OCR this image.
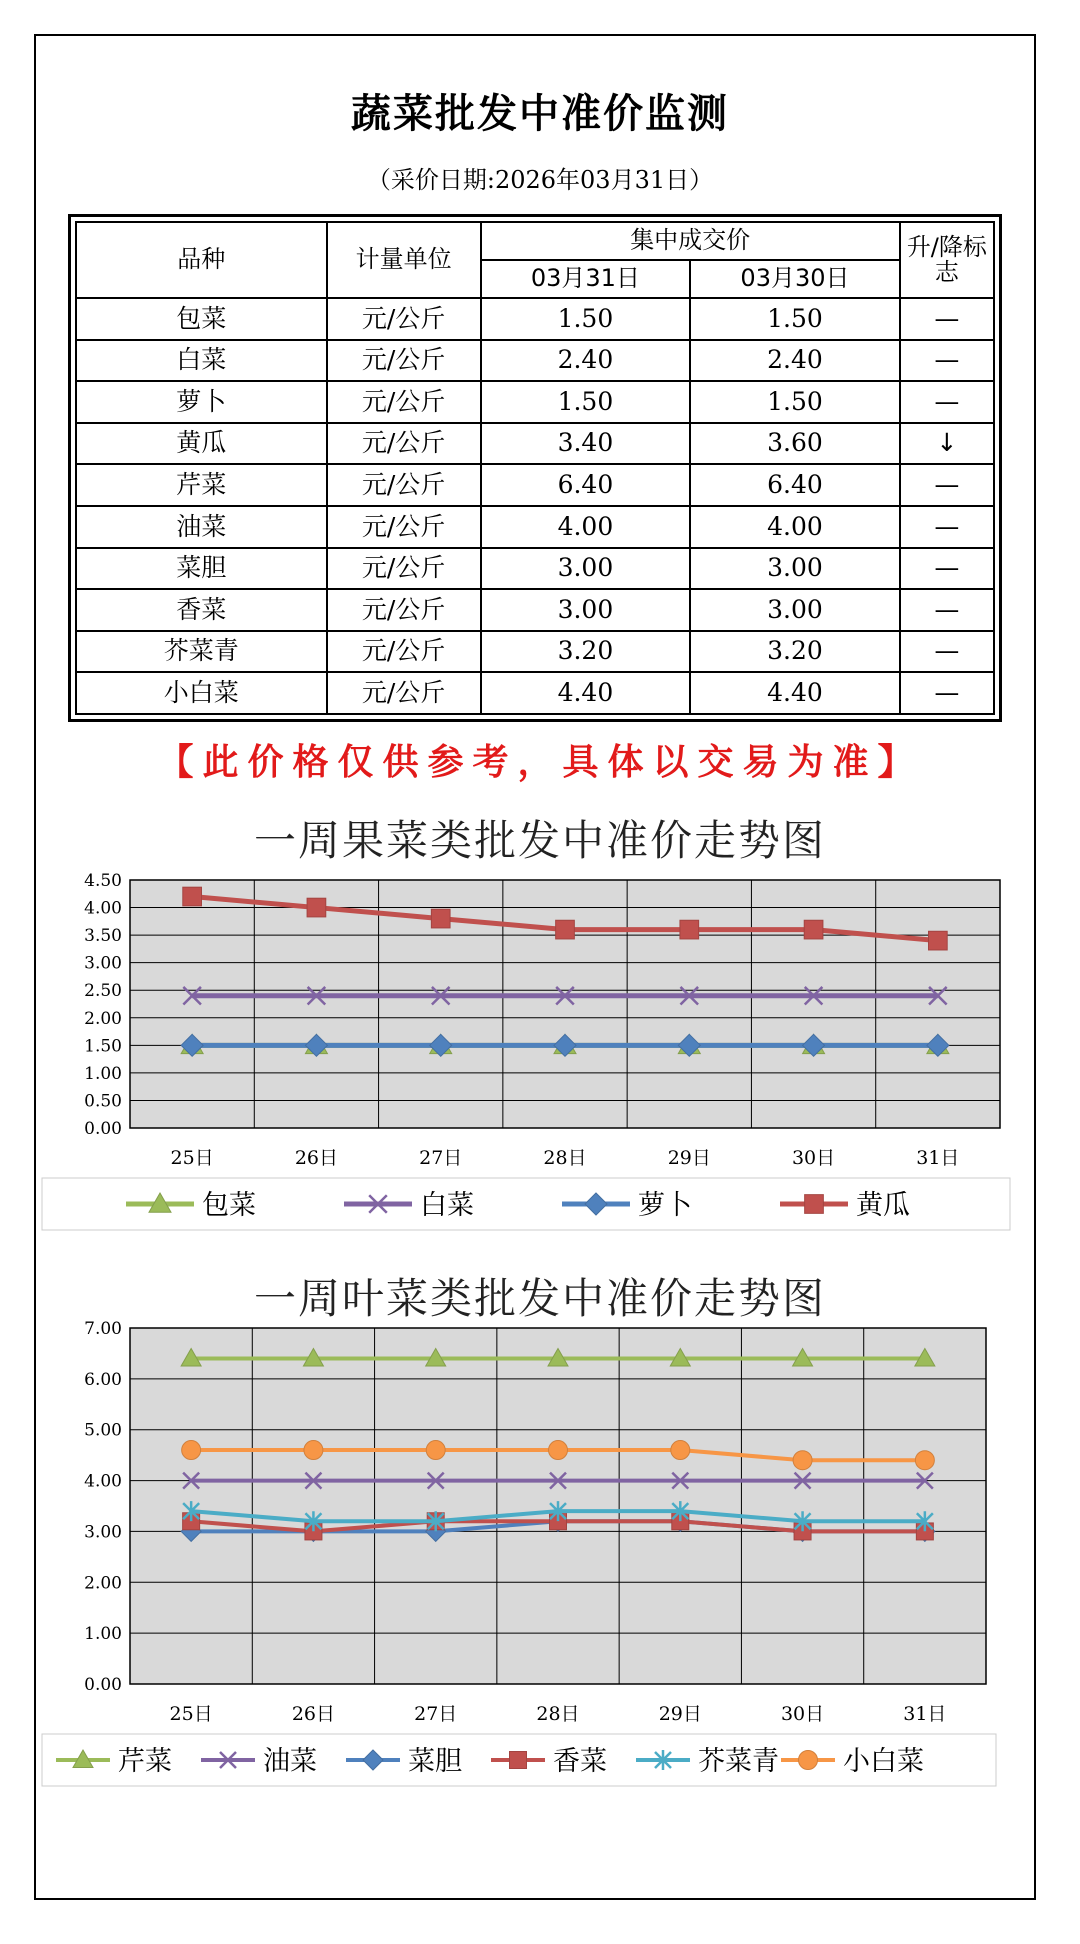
蔬菜批发中准价监测
（采价日期:2026年03月31日）
品种	计量单位	集中成交价		升/降标志
		03月31日	03月30日	
包菜	元/公斤	1.50	1.50	—
白菜	元/公斤	2.40	2.40	—
萝卜	元/公斤	1.50	1.50	—
黄瓜	元/公斤	3.40	3.60	↓
芹菜	元/公斤	6.40	6.40	—
油菜	元/公斤	4.00	4.00	—
菜胆	元/公斤	3.00	3.00	—
香菜	元/公斤	3.00	3.00	—
芥菜青	元/公斤	3.20	3.20	—
小白菜	元/公斤	4.40	4.40	—
【此价格仅供参考，具体以交易为准】
一周果菜类批发中准价走势图
0.00
0.50
1.00
1.50
2.00
2.50
3.00
3.50
4.00
4.50
25日	26日	27日	28日	29日	30日	31日
包菜	白菜	萝卜	黄瓜
一周叶菜类批发中准价走势图
0.00
1.00
2.00
3.00
4.00
5.00
6.00
7.00
25日	26日	27日	28日	29日	30日	31日
芹菜	油菜	菜胆	香菜	芥菜青 小白菜
